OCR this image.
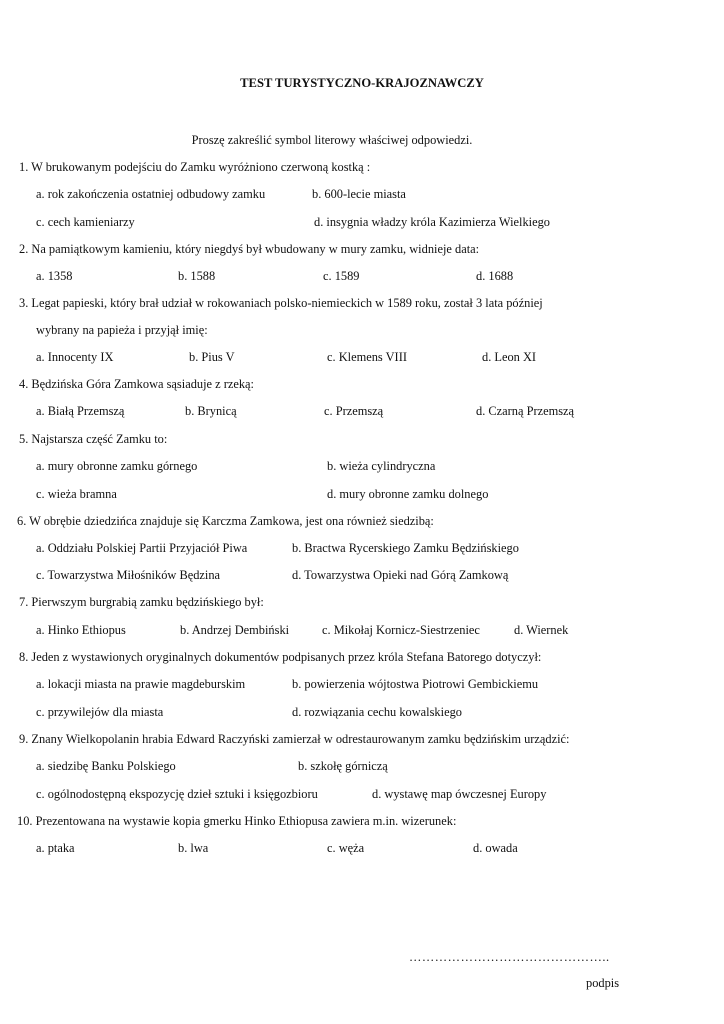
TEST TURYSTYCZNO-KRAJOZNAWCZY
Proszę zakreślić symbol literowy właściwej odpowiedzi.
1. W brukowanym podejściu do Zamku wyróżniono czerwoną kostką :
a. rok zakończenia ostatniej odbudowy zamku	b. 600-lecie miasta
c. cech kamieniarzy	d. insygnia władzy króla Kazimierza Wielkiego
2. Na pamiątkowym kamieniu, który niegdyś był wbudowany w mury zamku, widnieje data:
a. 1358	b. 1588	c. 1589	d. 1688
3. Legat papieski, który brał udział w rokowaniach polsko-niemieckich w 1589 roku, został 3 lata później
wybrany na papieża i przyjął imię:
a. Innocenty IX	b. Pius V	c. Klemens VIII	d. Leon XI
4. Będzińska Góra Zamkowa sąsiaduje z rzeką:
a. Białą Przemszą	b. Brynicą	c. Przemszą	d. Czarną Przemszą
5. Najstarsza część Zamku to:
a. mury obronne zamku górnego	b. wieża cylindryczna
c. wieża bramna	d. mury obronne zamku dolnego
6. W obrębie dziedzińca znajduje się Karczma Zamkowa, jest ona również siedzibą:
a. Oddziału Polskiej Partii Przyjaciół Piwa	b. Bractwa Rycerskiego Zamku Będzińskiego
c. Towarzystwa Miłośników Będzina	d. Towarzystwa Opieki nad Górą Zamkową
7. Pierwszym burgrabią zamku będzińskiego był:
a. Hinko Ethiopus	b. Andrzej Dembiński	c. Mikołaj Kornicz-Siestrzeniec	d. Wiernek
8. Jeden z wystawionych oryginalnych dokumentów podpisanych przez króla Stefana Batorego dotyczył:
a. lokacji miasta na prawie magdeburskim	b. powierzenia wójtostwa Piotrowi Gembickiemu
c. przywilejów dla miasta	d. rozwiązania cechu kowalskiego
9. Znany Wielkopolanin hrabia Edward Raczyński zamierzał w odrestaurowanym zamku będzińskim urządzić:
a. siedzibę Banku Polskiego	b. szkołę górniczą
c. ogólnodostępną ekspozycję dzieł sztuki i księgozbioru	d. wystawę map ówczesnej Europy
10. Prezentowana na wystawie kopia gmerku Hinko Ethiopusa zawiera m.in. wizerunek:
a. ptaka	b. lwa	c. węża	d. owada
………………………………………..
podpis
